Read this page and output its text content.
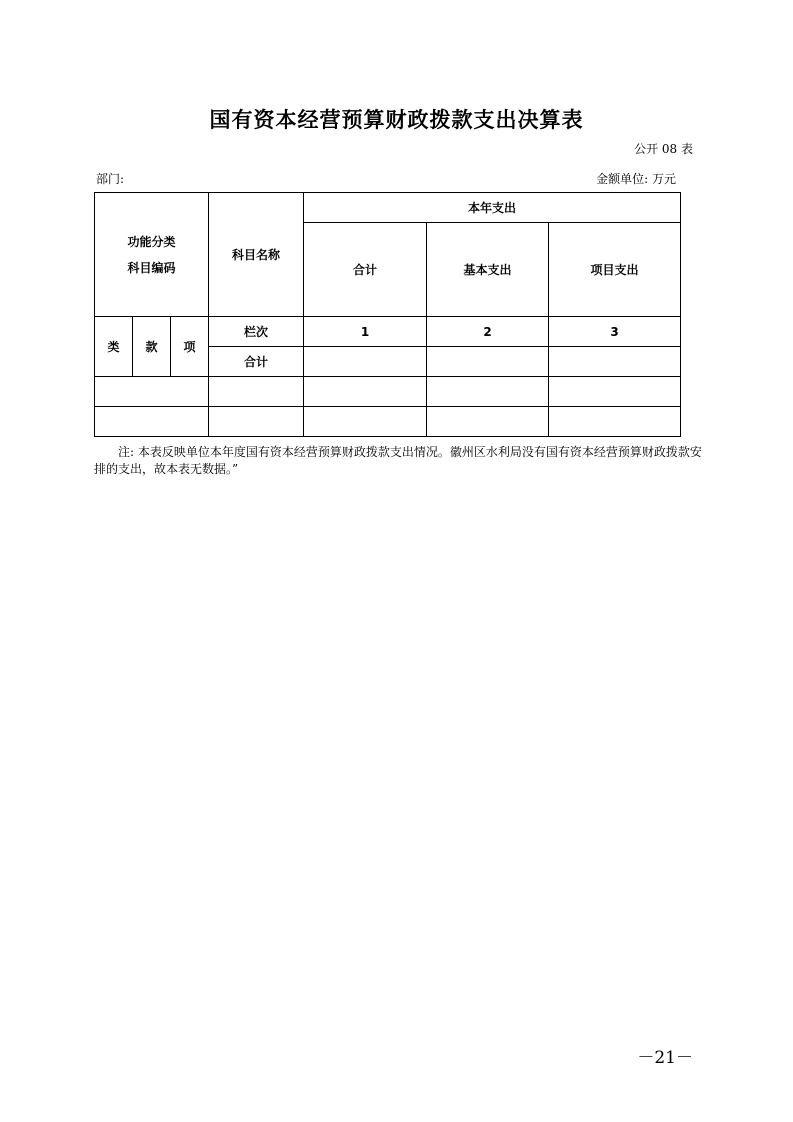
国有资本经营预算财政拨款支出决算表
公开 08 表
部门:	金额单位: 万元
功能分类
科目编码			科目名称	本年支出		
				合计	基本支出	项目支出
类	款	项	栏次	1	2	3
			合计			

注: 本表反映单位本年度国有资本经营预算财政拨款支出情况。徽州区水利局没有国有资本经营预算财政拨款安排的支出，故本表无数据。”
－21－
